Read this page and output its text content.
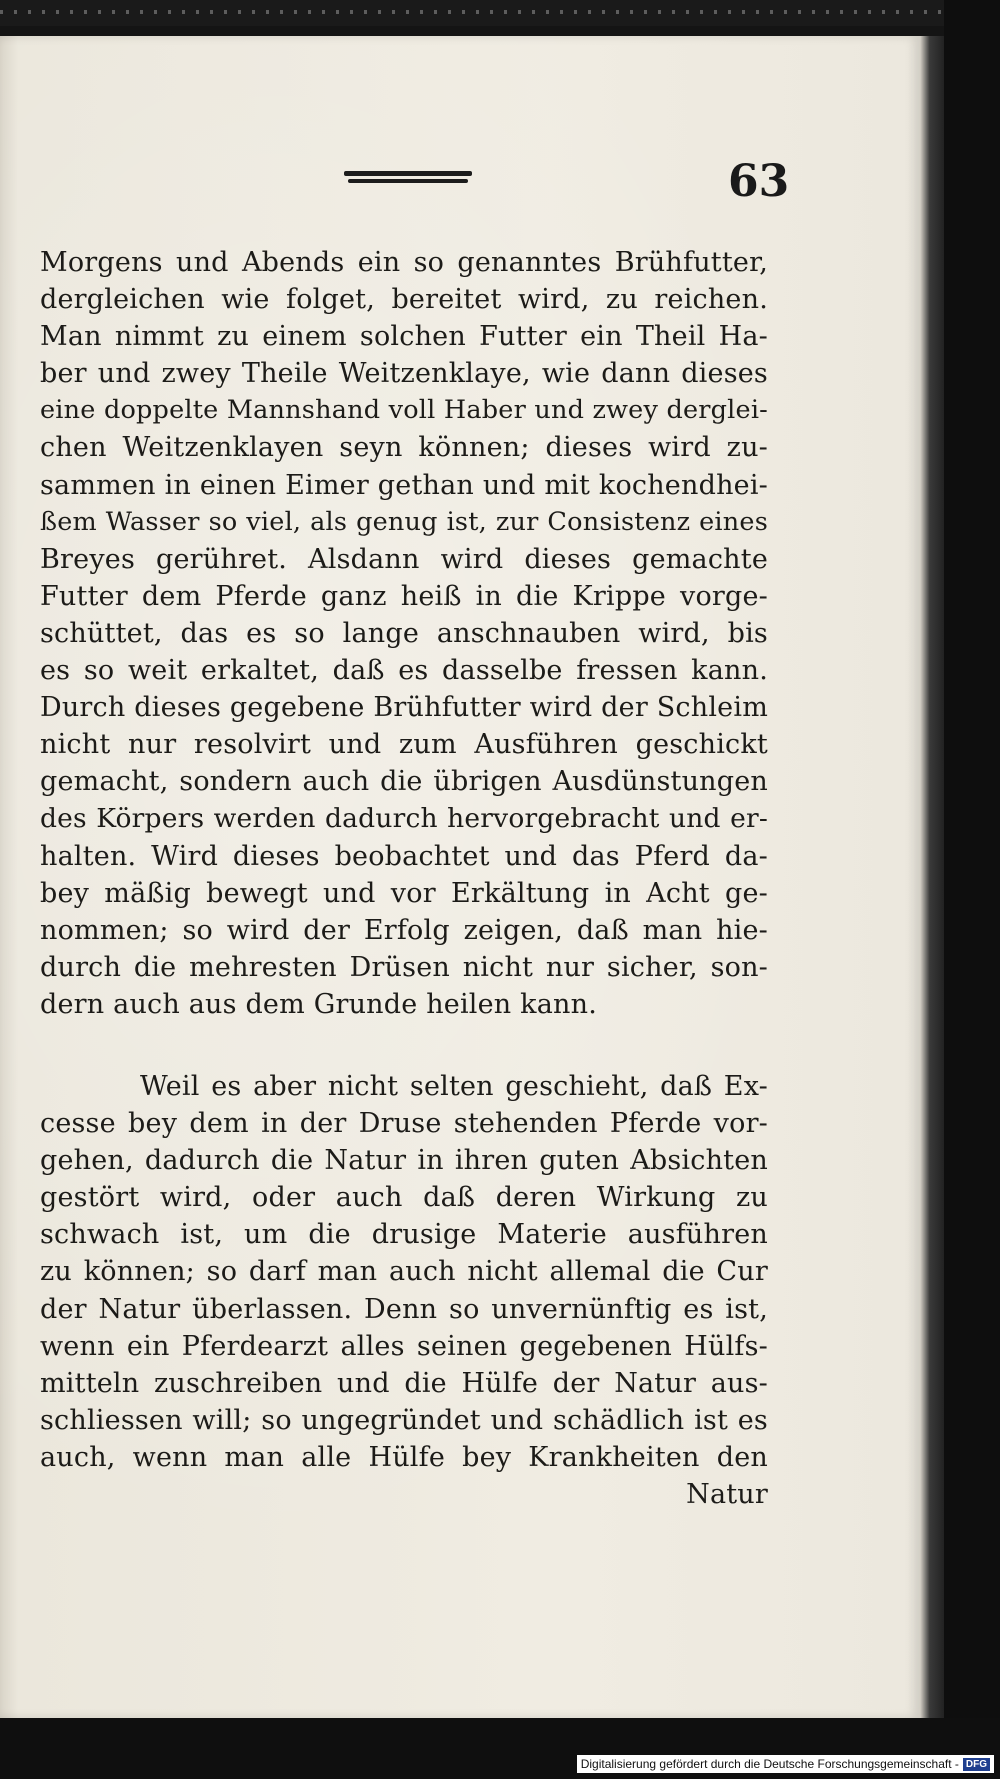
63
Morgens und Abends ein so genanntes Brühfutter,
dergleichen wie folget, bereitet wird, zu reichen.
Man nimmt zu einem solchen Futter ein Theil Ha-
ber und zwey Theile Weitzenklaye, wie dann dieses
eine doppelte Mannshand voll Haber und zwey derglei-
chen Weitzenklayen seyn können; dieses wird zu-
sammen in einen Eimer gethan und mit kochendhei-
ßem Wasser so viel, als genug ist, zur Consistenz eines
Breyes gerühret. Alsdann wird dieses gemachte
Futter dem Pferde ganz heiß in die Krippe vorge-
schüttet, das es so lange anschnauben wird, bis
es so weit erkaltet, daß es dasselbe fressen kann.
Durch dieses gegebene Brühfutter wird der Schleim
nicht nur resolvirt und zum Ausführen geschickt
gemacht, sondern auch die übrigen Ausdünstungen
des Körpers werden dadurch hervorgebracht und er-
halten. Wird dieses beobachtet und das Pferd da-
bey mäßig bewegt und vor Erkältung in Acht ge-
nommen; so wird der Erfolg zeigen, daß man hie-
durch die mehresten Drüsen nicht nur sicher, son-
dern auch aus dem Grunde heilen kann.
Weil es aber nicht selten geschieht, daß Ex-
cesse bey dem in der Druse stehenden Pferde vor-
gehen, dadurch die Natur in ihren guten Absichten
gestört wird, oder auch daß deren Wirkung zu
schwach ist, um die drusige Materie ausführen
zu können; so darf man auch nicht allemal die Cur
der Natur überlassen. Denn so unvernünftig es ist,
wenn ein Pferdearzt alles seinen gegebenen Hülfs-
mitteln zuschreiben und die Hülfe der Natur aus-
schliessen will; so ungegründet und schädlich ist es
auch, wenn man alle Hülfe bey Krankheiten den
Natur
Digitalisierung gefördert durch die Deutsche Forschungsgemeinschaft - DFG
